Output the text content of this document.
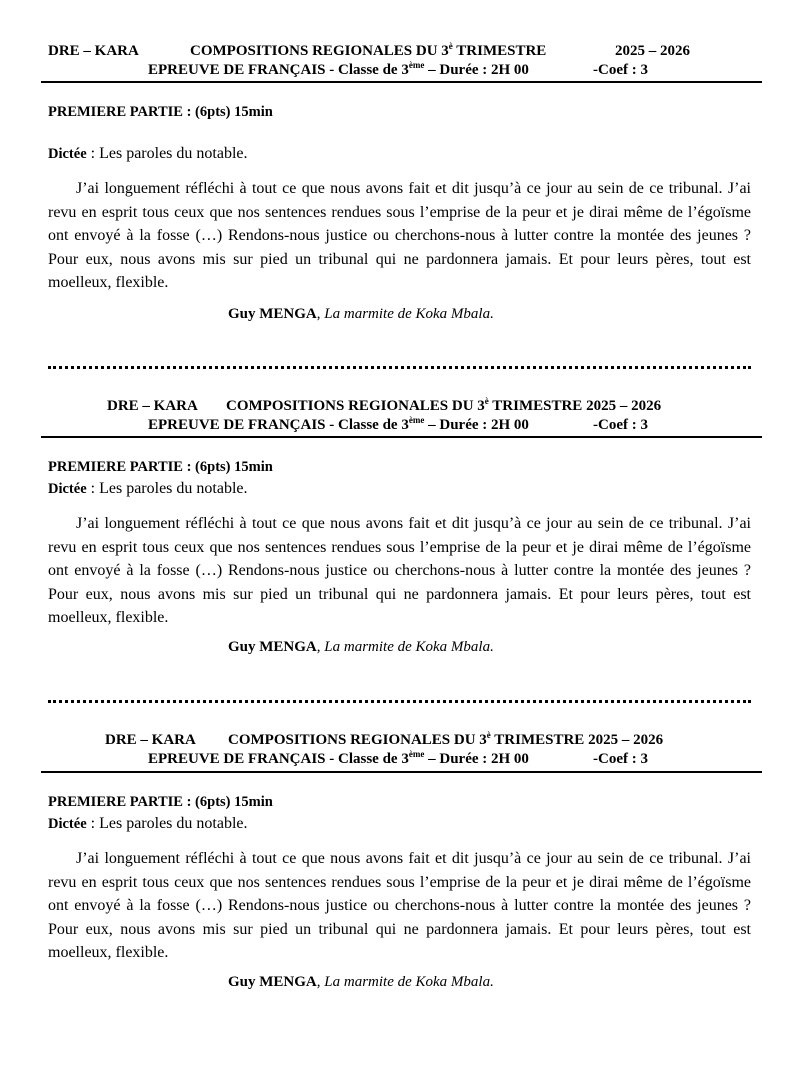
DRE – KARA	COMPOSITIONS REGIONALES DU $3^è$ TRIMESTRE	2025 – 2026
EPREUVE DE FRANÇAIS - Classe de 3ème – Durée : 2H 00	-Coef : 3
PREMIERE PARTIE : (6pts) 15min
Dictée : Les paroles du notable.
J’ai longuement réfléchi à tout ce que nous avons fait et dit jusqu’à ce jour au sein de ce tribunal. J’ai revu en esprit tous ceux que nos sentences rendues sous l’emprise de la peur et je dirai même de l’égoïsme ont envoyé à la fosse (…) Rendons-nous justice ou cherchons-nous à lutter contre la montée des jeunes ? Pour eux, nous avons mis sur pied un tribunal qui ne pardonnera jamais. Et pour leurs pères, tout est moelleux, flexible.
Guy MENGA, La marmite de Koka Mbala.
DRE – KARA COMPOSITIONS REGIONALES DU $3^è$ TRIMESTRE 2025 – 2026
EPREUVE DE FRANÇAIS - Classe de 3ème – Durée : 2H 00	-Coef : 3
PREMIERE PARTIE : (6pts) 15min
Dictée : Les paroles du notable.
J’ai longuement réfléchi à tout ce que nous avons fait et dit jusqu’à ce jour au sein de ce tribunal. J’ai revu en esprit tous ceux que nos sentences rendues sous l’emprise de la peur et je dirai même de l’égoïsme ont envoyé à la fosse (…) Rendons-nous justice ou cherchons-nous à lutter contre la montée des jeunes ? Pour eux, nous avons mis sur pied un tribunal qui ne pardonnera jamais. Et pour leurs pères, tout est moelleux, flexible.
Guy MENGA, La marmite de Koka Mbala.
DRE – KARA COMPOSITIONS REGIONALES DU $3^è$ TRIMESTRE 2025 – 2026
EPREUVE DE FRANÇAIS - Classe de 3ème – Durée : 2H 00	-Coef : 3
PREMIERE PARTIE : (6pts) 15min
Dictée : Les paroles du notable.
J’ai longuement réfléchi à tout ce que nous avons fait et dit jusqu’à ce jour au sein de ce tribunal. J’ai revu en esprit tous ceux que nos sentences rendues sous l’emprise de la peur et je dirai même de l’égoïsme ont envoyé à la fosse (…) Rendons-nous justice ou cherchons-nous à lutter contre la montée des jeunes ? Pour eux, nous avons mis sur pied un tribunal qui ne pardonnera jamais. Et pour leurs pères, tout est moelleux, flexible.
Guy MENGA, La marmite de Koka Mbala.
